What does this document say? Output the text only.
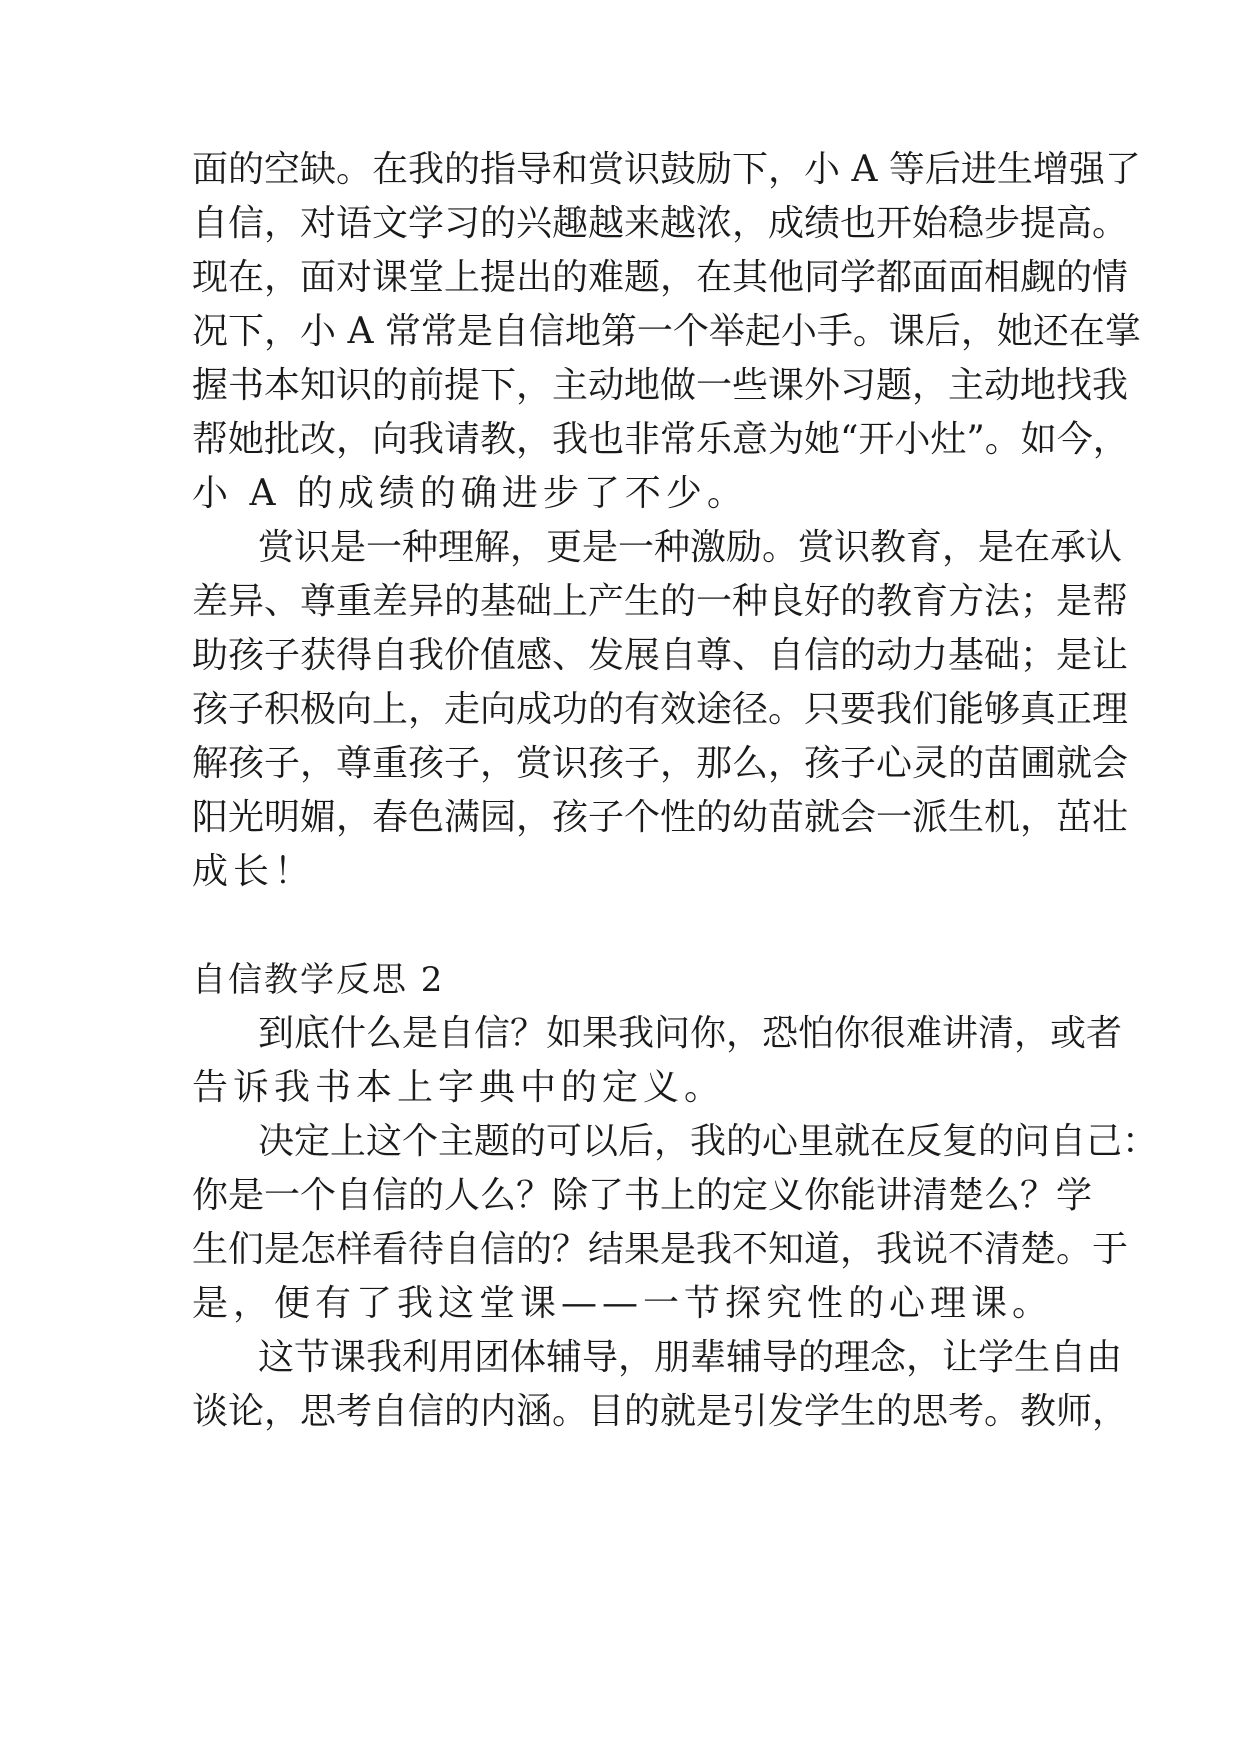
面的空缺。在我的指导和赏识鼓励下，小 A 等后进生增强了
自信，对语文学习的兴趣越来越浓，成绩也开始稳步提高。
现在，面对课堂上提出的难题，在其他同学都面面相觑的情
况下，小 A 常常是自信地第一个举起小手。课后，她还在掌
握书本知识的前提下，主动地做一些课外习题，主动地找我
帮她批改，向我请教，我也非常乐意为她“开小灶”。如今，
小 A 的成绩的确进步了不少。
赏识是一种理解，更是一种激励。赏识教育，是在承认
差异、尊重差异的基础上产生的一种良好的教育方法；是帮
助孩子获得自我价值感、发展自尊、自信的动力基础；是让
孩子积极向上，走向成功的有效途径。只要我们能够真正理
解孩子，尊重孩子，赏识孩子，那么，孩子心灵的苗圃就会
阳光明媚，春色满园，孩子个性的幼苗就会一派生机，茁壮
成长！
自信教学反思 2
到底什么是自信？如果我问你，恐怕你很难讲清，或者
告诉我书本上字典中的定义。
决定上这个主题的可以后，我的心里就在反复的问自己：
你是一个自信的人么？除了书上的定义你能讲清楚么？学
生们是怎样看待自信的？结果是我不知道，我说不清楚。于
是，便有了我这堂课——一节探究性的心理课。
这节课我利用团体辅导，朋辈辅导的理念，让学生自由
谈论，思考自信的内涵。目的就是引发学生的思考。教师，
